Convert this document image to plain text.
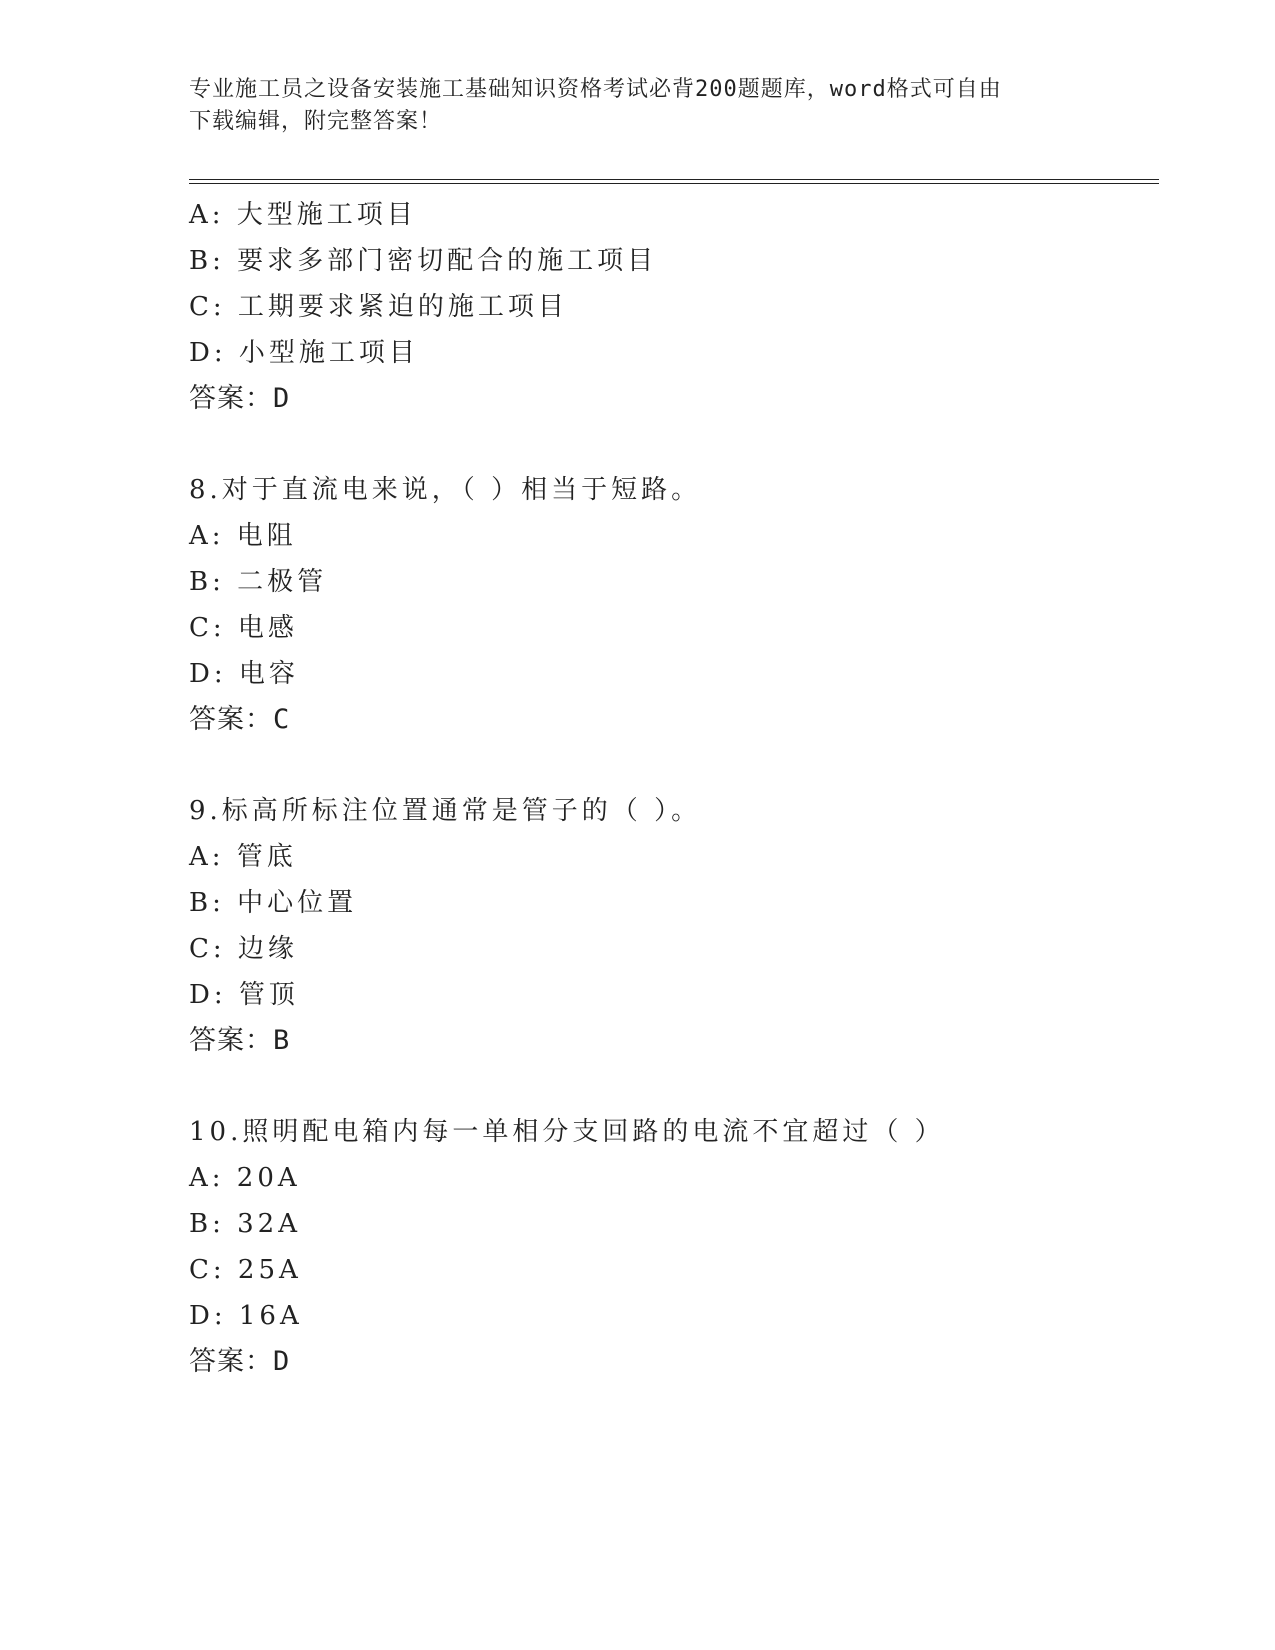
专业施工员之设备安装施工基础知识资格考试必背200题题库，word格式可自由
下载编辑，附完整答案！
A: 大型施工项目
B: 要求多部门密切配合的施工项目
C: 工期要求紧迫的施工项目
D: 小型施工项目
答案：D
8.对于直流电来说，（ ）相当于短路。
A: 电阻
B: 二极管
C: 电感
D: 电容
答案：C
9.标高所标注位置通常是管子的（ ）。
A: 管底
B: 中心位置
C: 边缘
D: 管顶
答案：B
10.照明配电箱内每一单相分支回路的电流不宜超过（ ）
A: 20A
B: 32A
C: 25A
D: 16A
答案：D
